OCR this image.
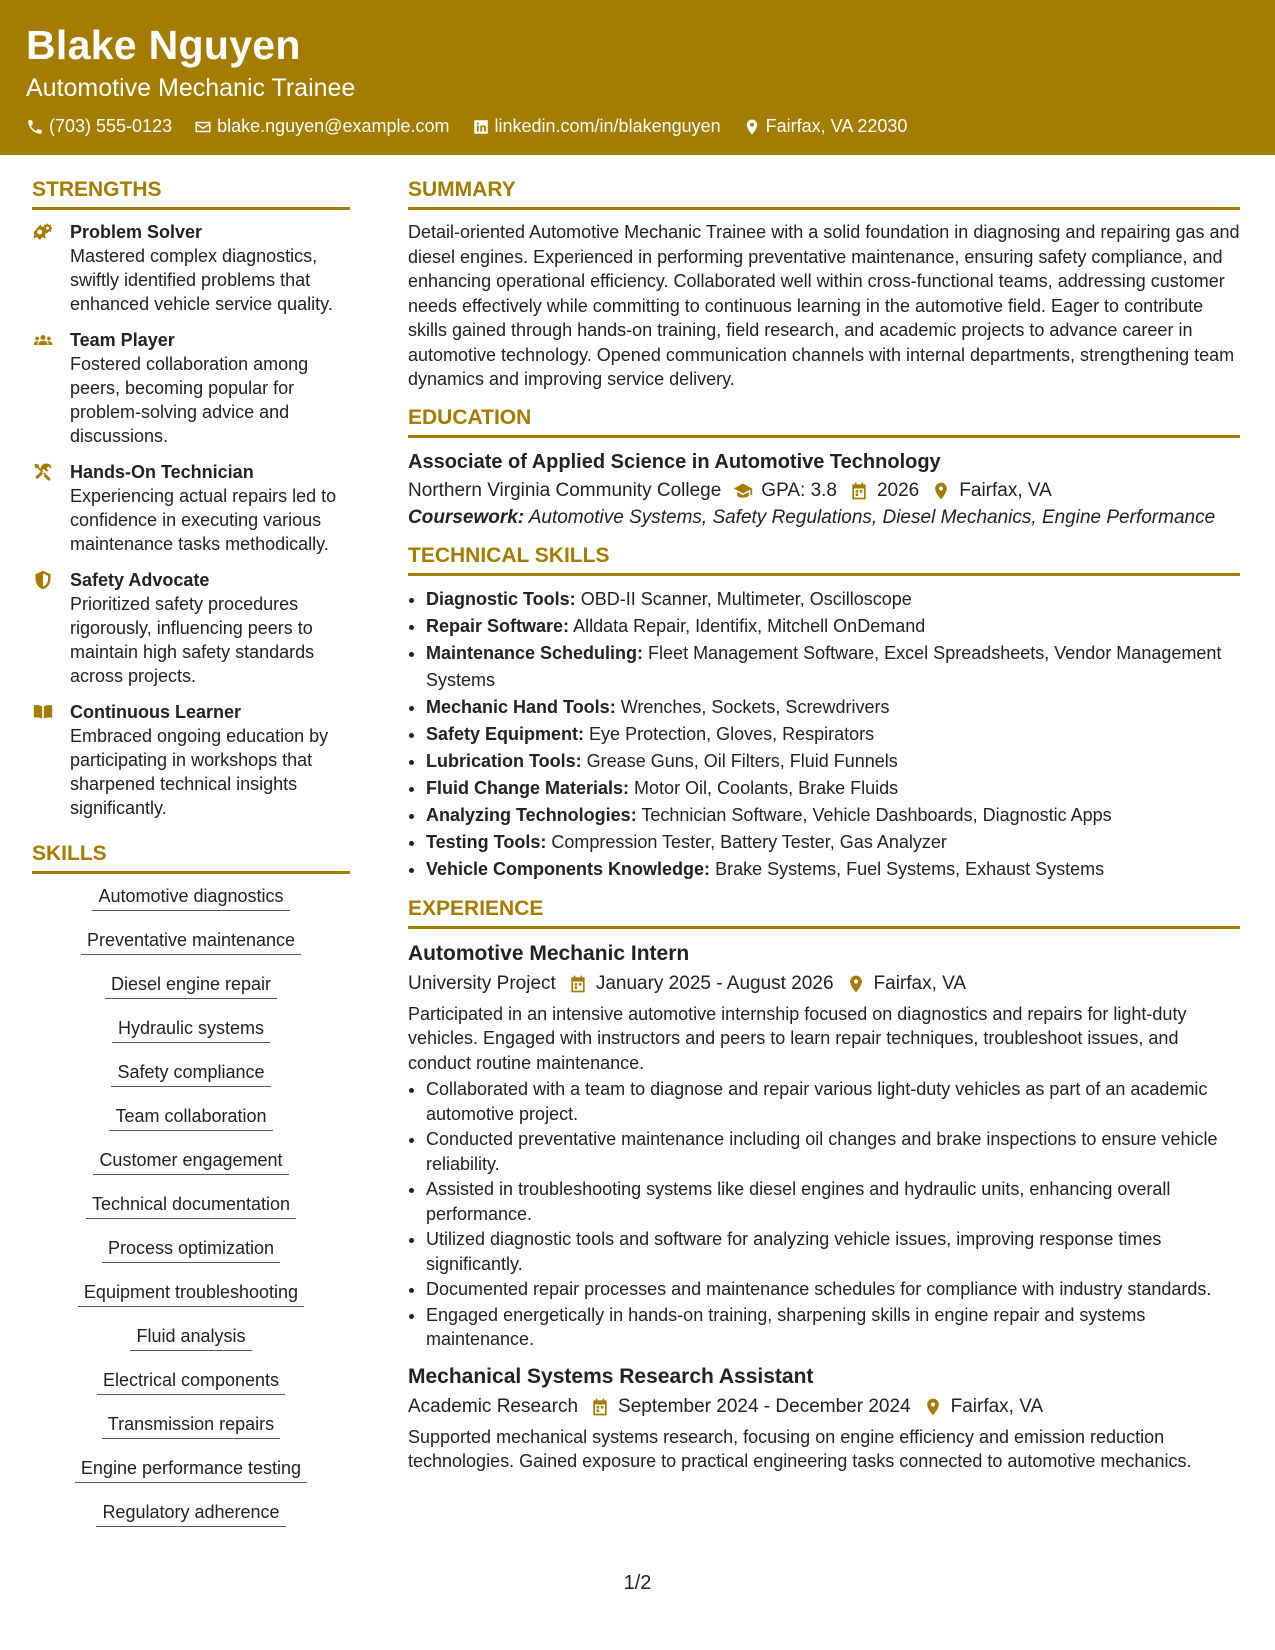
Blake Nguyen
Automotive Mechanic Trainee
(703) 555-0123	blake.nguyen@example.com	linkedin.com/in/blakenguyen	Fairfax, VA 22030
STRENGTHS
Problem Solver
Mastered complex diagnostics, swiftly identified problems that enhanced vehicle service quality.
Team Player
Fostered collaboration among peers, becoming popular for problem-solving advice and discussions.
Hands-On Technician
Experiencing actual repairs led to confidence in executing various maintenance tasks methodically.
Safety Advocate
Prioritized safety procedures rigorously, influencing peers to maintain high safety standards across projects.
Continuous Learner
Embraced ongoing education by participating in workshops that sharpened technical insights significantly.
SKILLS
Automotive diagnostics
Preventative maintenance
Diesel engine repair
Hydraulic systems
Safety compliance
Team collaboration
Customer engagement
Technical documentation
Process optimization
Equipment troubleshooting
Fluid analysis
Electrical components
Transmission repairs
Engine performance testing
Regulatory adherence
SUMMARY
Detail-oriented Automotive Mechanic Trainee with a solid foundation in diagnosing and repairing gas and diesel engines. Experienced in performing preventative maintenance, ensuring safety compliance, and enhancing operational efficiency. Collaborated well within cross-functional teams, addressing customer needs effectively while committing to continuous learning in the automotive field. Eager to contribute skills gained through hands-on training, field research, and academic projects to advance career in automotive technology. Opened communication channels with internal departments, strengthening team dynamics and improving service delivery.
EDUCATION
Associate of Applied Science in Automotive Technology
Northern Virginia Community College GPA: 3.8 2026 Fairfax, VA
Coursework: Automotive Systems, Safety Regulations, Diesel Mechanics, Engine Performance
TECHNICAL SKILLS
• Diagnostic Tools: OBD-II Scanner, Multimeter, Oscilloscope
• Repair Software: Alldata Repair, Identifix, Mitchell OnDemand
• Maintenance Scheduling: Fleet Management Software, Excel Spreadsheets, Vendor Management Systems
• Mechanic Hand Tools: Wrenches, Sockets, Screwdrivers
• Safety Equipment: Eye Protection, Gloves, Respirators
• Lubrication Tools: Grease Guns, Oil Filters, Fluid Funnels
• Fluid Change Materials: Motor Oil, Coolants, Brake Fluids
• Analyzing Technologies: Technician Software, Vehicle Dashboards, Diagnostic Apps
• Testing Tools: Compression Tester, Battery Tester, Gas Analyzer
• Vehicle Components Knowledge: Brake Systems, Fuel Systems, Exhaust Systems
EXPERIENCE
Automotive Mechanic Intern
University Project January 2025 - August 2026 Fairfax, VA
Participated in an intensive automotive internship focused on diagnostics and repairs for light-duty vehicles. Engaged with instructors and peers to learn repair techniques, troubleshoot issues, and conduct routine maintenance.
• Collaborated with a team to diagnose and repair various light-duty vehicles as part of an academic automotive project.
• Conducted preventative maintenance including oil changes and brake inspections to ensure vehicle reliability.
• Assisted in troubleshooting systems like diesel engines and hydraulic units, enhancing overall performance.
• Utilized diagnostic tools and software for analyzing vehicle issues, improving response times significantly.
• Documented repair processes and maintenance schedules for compliance with industry standards.
• Engaged energetically in hands-on training, sharpening skills in engine repair and systems maintenance.
Mechanical Systems Research Assistant
Academic Research September 2024 - December 2024 Fairfax, VA
Supported mechanical systems research, focusing on engine efficiency and emission reduction technologies. Gained exposure to practical engineering tasks connected to automotive mechanics.
1/2
